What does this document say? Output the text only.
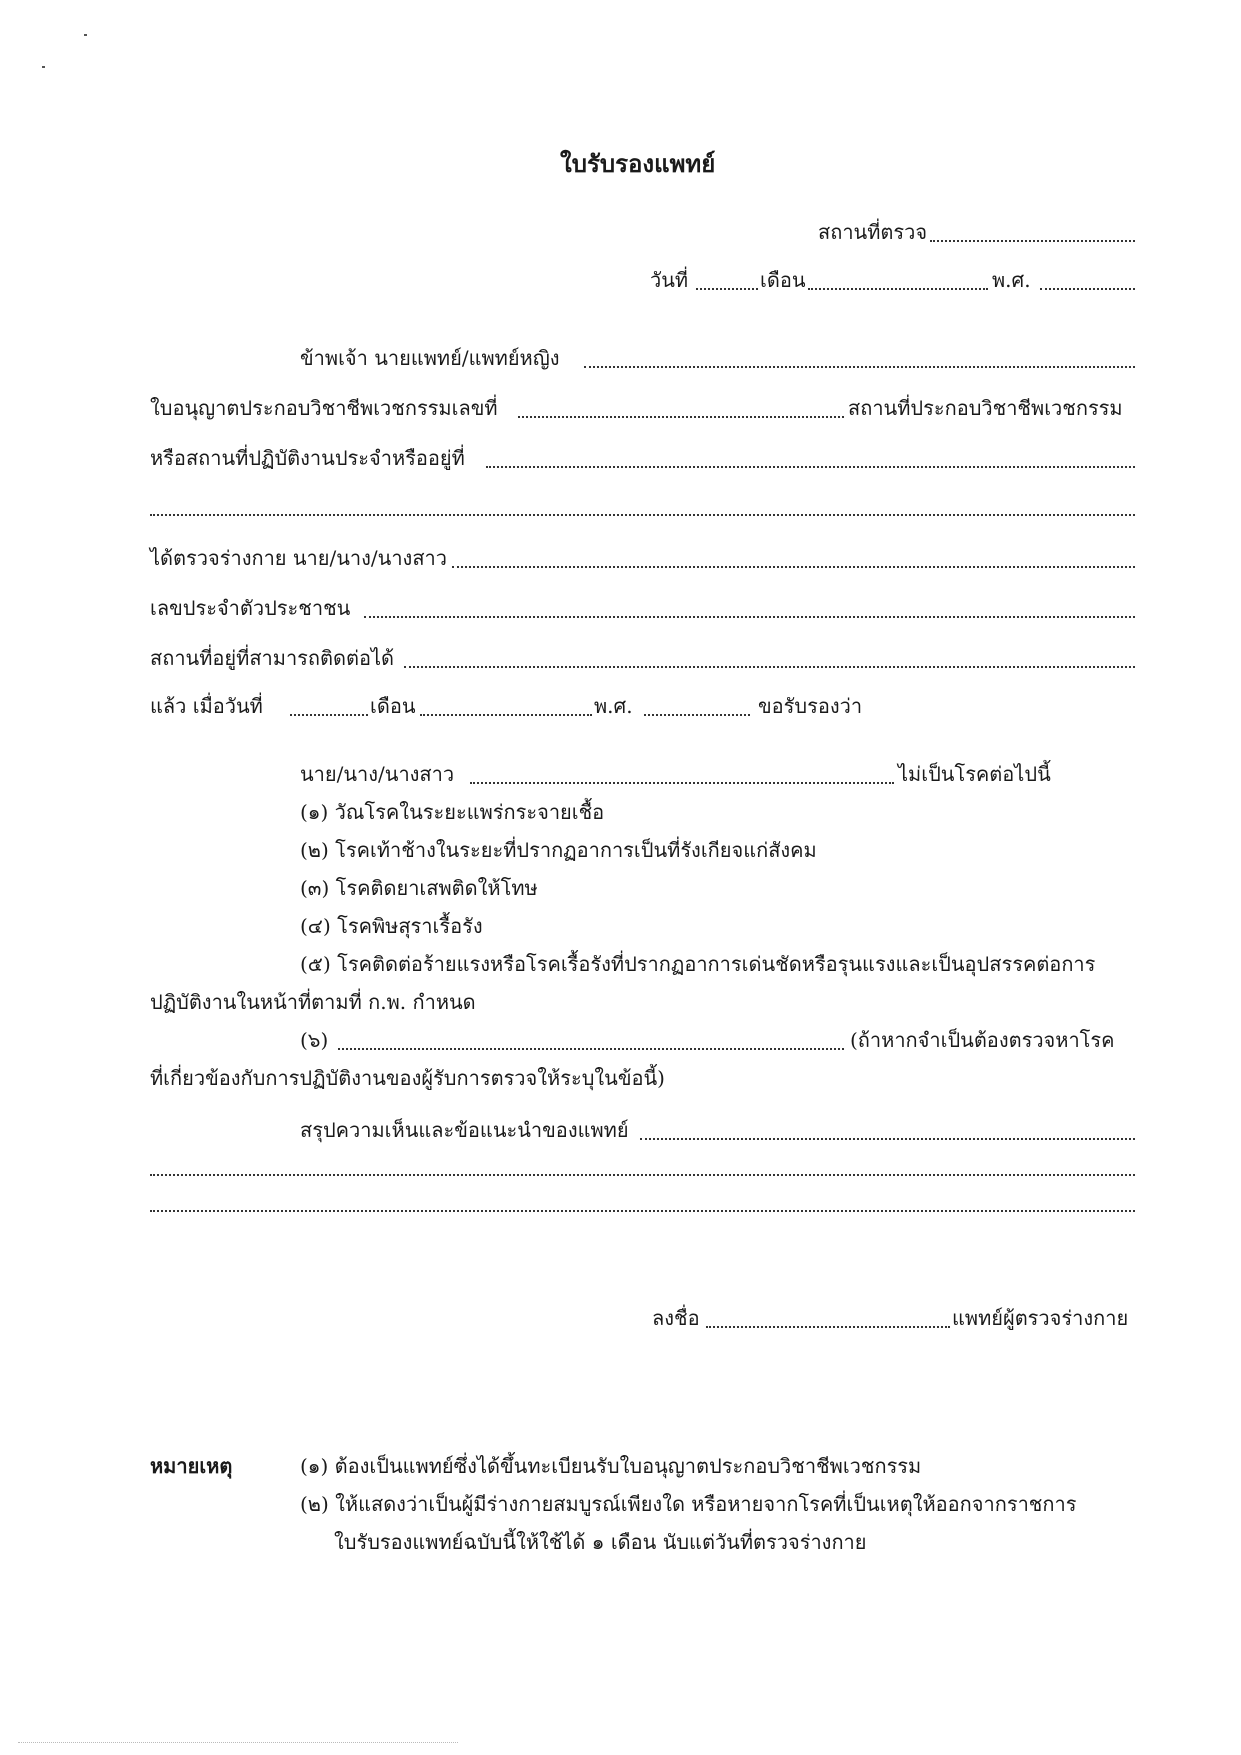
ใบรับรองแพทย์
สถานที่ตรวจ
วันที่	เดือน	พ.ศ.
ข้าพเจ้า นายแพทย์/แพทย์หญิง
ใบอนุญาตประกอบวิชาชีพเวชกรรมเลขที่	สถานที่ประกอบวิชาชีพเวชกรรม
หรือสถานที่ปฏิบัติงานประจำหรืออยู่ที่
ได้ตรวจร่างกาย นาย/นาง/นางสาว
เลขประจำตัวประชาชน
สถานที่อยู่ที่สามารถติดต่อได้
แล้ว เมื่อวันที่	เดือน	พ.ศ.	ขอรับรองว่า
นาย/นาง/นางสาว	ไม่เป็นโรคต่อไปนี้
(๑) วัณโรคในระยะแพร่กระจายเชื้อ
(๒) โรคเท้าช้างในระยะที่ปรากฏอาการเป็นที่รังเกียจแก่สังคม
(๓) โรคติดยาเสพติดให้โทษ
(๔) โรคพิษสุราเรื้อรัง
(๕) โรคติดต่อร้ายแรงหรือโรคเรื้อรังที่ปรากฏอาการเด่นชัดหรือรุนแรงและเป็นอุปสรรคต่อการ
ปฏิบัติงานในหน้าที่ตามที่ ก.พ. กำหนด
(๖)	(ถ้าหากจำเป็นต้องตรวจหาโรค
ที่เกี่ยวข้องกับการปฏิบัติงานของผู้รับการตรวจให้ระบุในข้อนี้)
สรุปความเห็นและข้อแนะนำของแพทย์
ลงชื่อ	แพทย์ผู้ตรวจร่างกาย
หมายเหตุ	(๑) ต้องเป็นแพทย์ซึ่งได้ขึ้นทะเบียนรับใบอนุญาตประกอบวิชาชีพเวชกรรม
(๒) ให้แสดงว่าเป็นผู้มีร่างกายสมบูรณ์เพียงใด หรือหายจากโรคที่เป็นเหตุให้ออกจากราชการ
ใบรับรองแพทย์ฉบับนี้ให้ใช้ได้ ๑ เดือน นับแต่วันที่ตรวจร่างกาย
